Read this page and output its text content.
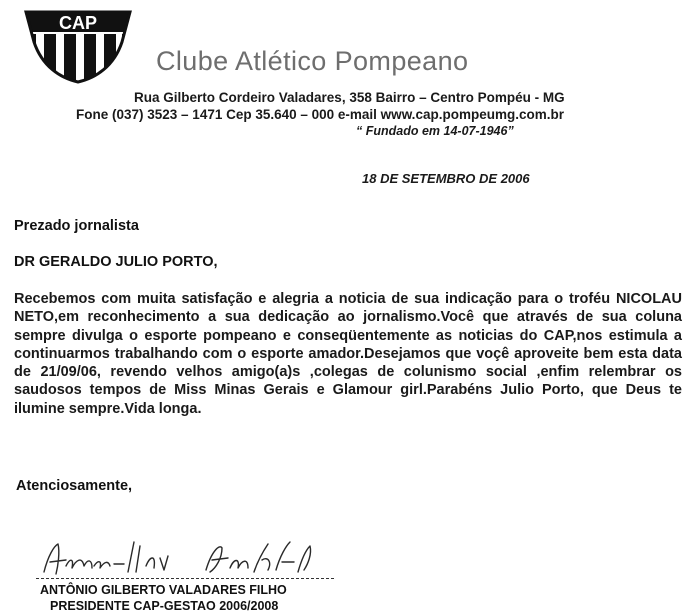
CAP
Clube Atlético Pompeano
Rua Gilberto Cordeiro Valadares, 358 Bairro – Centro Pompéu - MG
Fone (037) 3523 – 1471 Cep 35.640 – 000 e-mail www.cap.pompeumg.com.br
“ Fundado em 14-07-1946”
18 DE SETEMBRO DE 2006
Prezado jornalista
DR GERALDO JULIO PORTO,
Recebemos com muita satisfação e alegria a noticia de sua indicação para o troféu NICOLAU NETO,em reconhecimento a sua dedicação ao jornalismo.Você que através de sua coluna sempre divulga o esporte pompeano e conseqüentemente as noticias do CAP,nos estimula a continuarmos trabalhando com o esporte amador.Desejamos que voçê aproveite bem esta data de 21/09/06, revendo velhos amigo(a)s ,colegas de colunismo social ,enfim relembrar os saudosos tempos de Miss Minas Gerais e Glamour girl.Parabéns Julio Porto, que Deus te ilumine sempre.Vida longa.
Atenciosamente,
ANTÔNIO GILBERTO VALADARES FILHO
PRESIDENTE CAP-GESTAO 2006/2008
